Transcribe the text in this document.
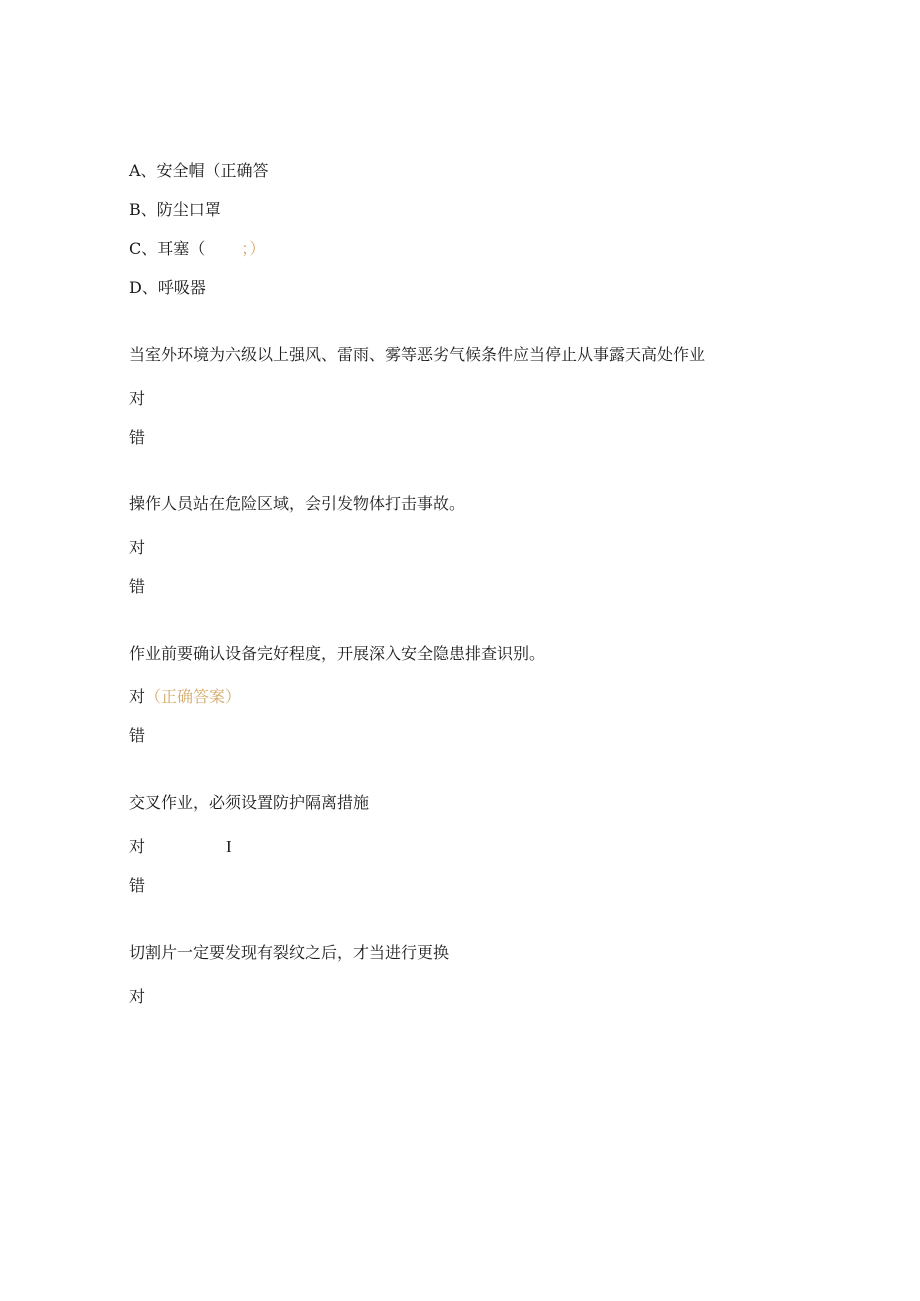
A、安全帽（正确答
B、防尘口罩
C、耳塞（ ；）
D、呼吸器
当室外环境为六级以上强风、雷雨、雾等恶劣气候条件应当停止从事露天高处作业
对
错
操作人员站在危险区域，会引发物体打击事故。
对
错
作业前要确认设备完好程度，开展深入安全隐患排查识别。
对（正确答案）
错
交叉作业，必须设置防护隔离措施
对	I
错
切割片一定要发现有裂纹之后，才当进行更换
对
